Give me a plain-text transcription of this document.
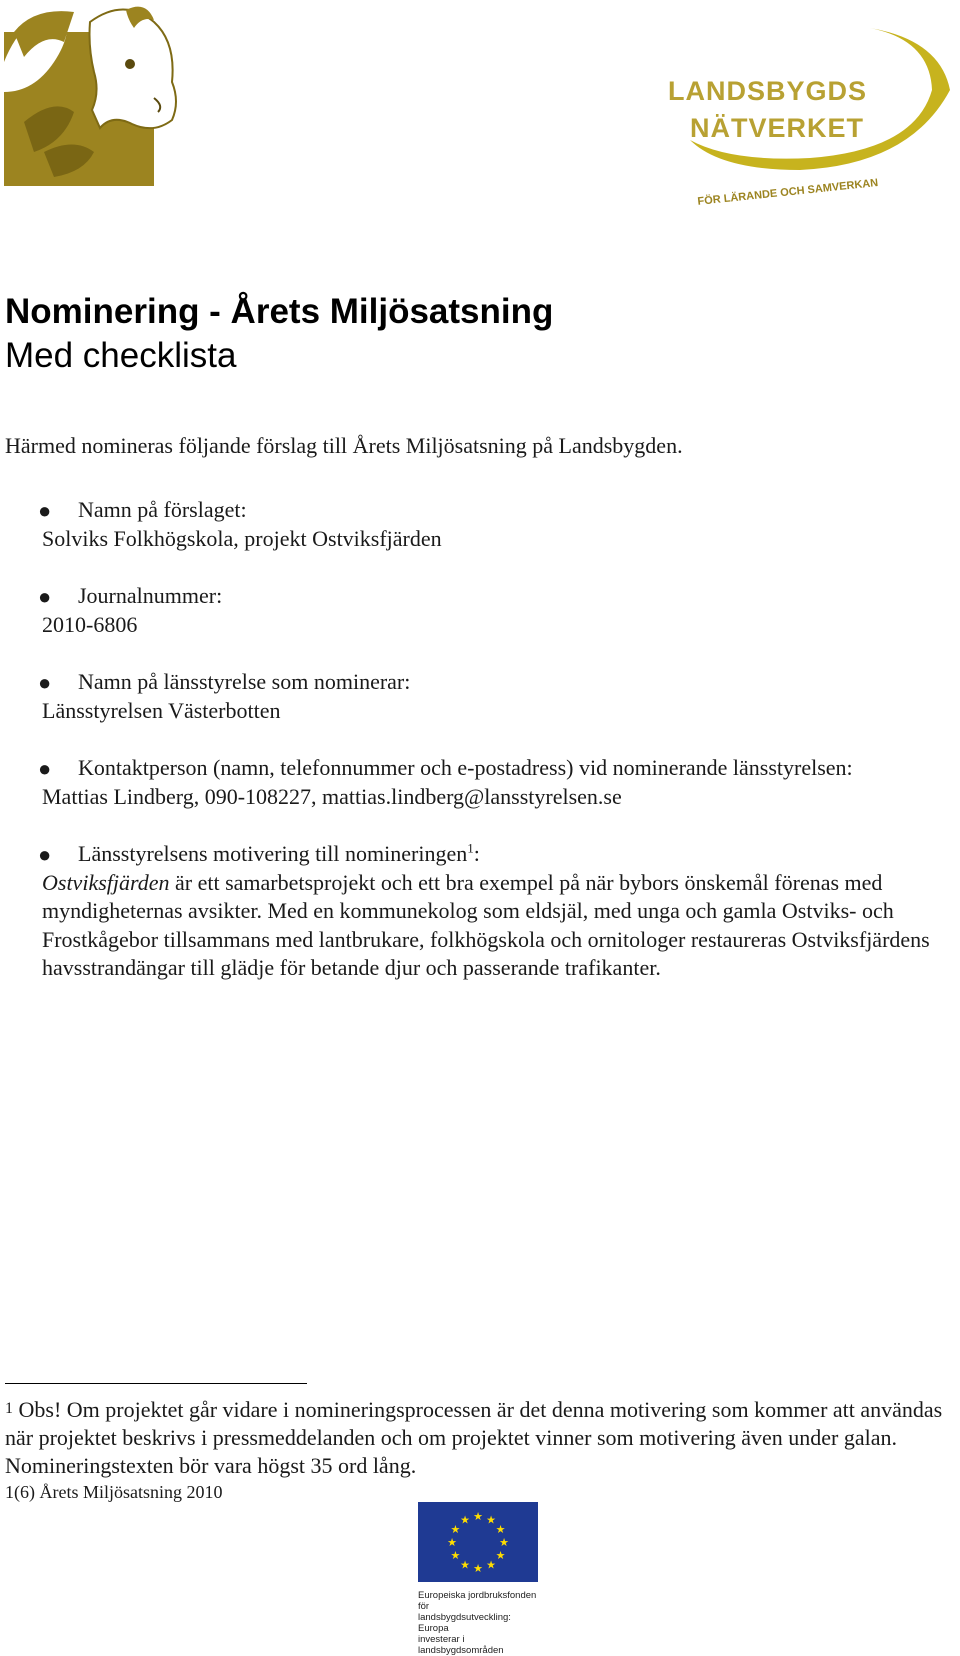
LANDSBYGDS
NÄTVERKET
FÖR LÄRANDE OCH SAMVERKAN
Nominering - Årets Miljösatsning
Med checklista
Härmed nomineras följande förslag till Årets Miljösatsning på Landsbygden.
●	Namn på förslaget:
Solviks Folkhögskola, projekt Ostviksfjärden
●	Journalnummer:
2010-6806
●	Namn på länsstyrelse som nominerar:
Länsstyrelsen Västerbotten
●	Kontaktperson (namn, telefonnummer och e-postadress) vid nominerande länsstyrelsen:
Mattias Lindberg, 090-108227, mattias.lindberg@lansstyrelsen.se
●	Länsstyrelsens motivering till nomineringen$^1$:
Ostviksfjärden är ett samarbetsprojekt och ett bra exempel på när bybors önskemål förenas med myndigheternas avsikter. Med en kommunekolog som eldsjäl, med unga och gamla Ostviks- och Frostkågebor tillsammans med lantbrukare, folkhögskola och ornitologer restaureras Ostviksfjärdens havsstrandängar till glädje för betande djur och passerande trafikanter.
$^1$ Obs! Om projektet går vidare i nomineringsprocessen är det denna motivering som kommer att användas när projektet beskrivs i pressmeddelanden och om projektet vinner som motivering även under galan. Nomineringstexten bör vara högst 35 ord lång.
1(6) Årets Miljösatsning 2010
★ ★
★
★
★
★
★
★
★
★
★
★
Europeiska jordbruksfonden för
landsbygdsutveckling: Europa
investerar i landsbygdsområden
